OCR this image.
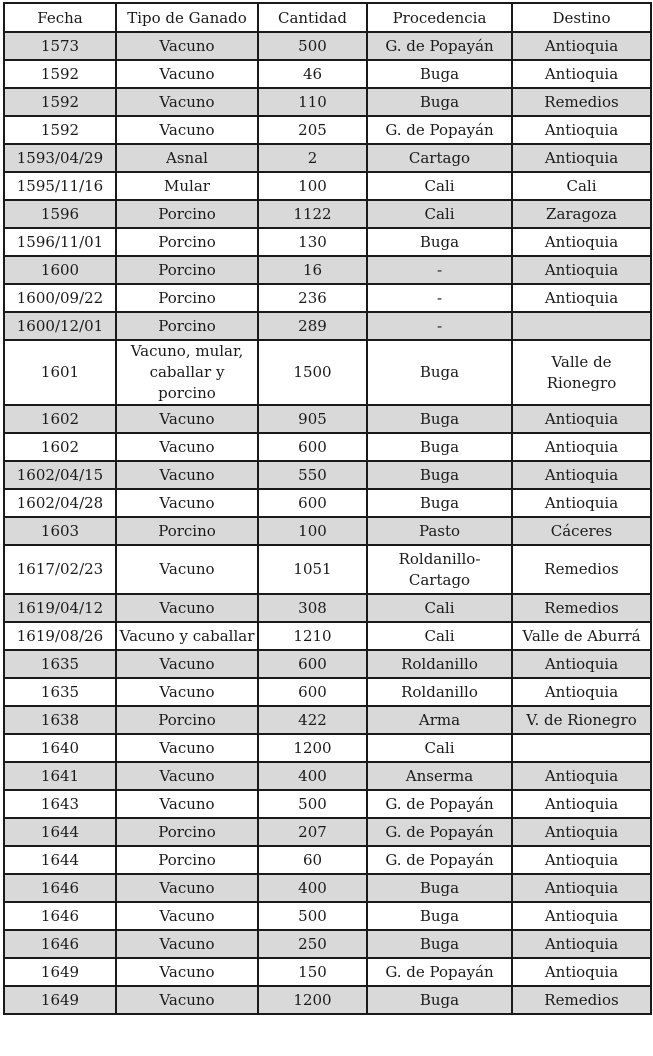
Fecha	Tipo de Ganado	Cantidad	Procedencia	Destino
1573	Vacuno	500	G. de Popayán	Antioquia
1592	Vacuno	46	Buga	Antioquia
1592	Vacuno	110	Buga	Remedios
1592	Vacuno	205	G. de Popayán	Antioquia
1593/04/29	Asnal	2	Cartago	Antioquia
1595/11/16	Mular	100	Cali	Cali
1596	Porcino	1122	Cali	Zaragoza
1596/11/01	Porcino	130	Buga	Antioquia
1600	Porcino	16	-	Antioquia
1600/09/22	Porcino	236	-	Antioquia
1600/12/01	Porcino	289	-	
1601	Vacuno, mular, caballar y porcino	1500	Buga	Valle de Rionegro
1602	Vacuno	905	Buga	Antioquia
1602	Vacuno	600	Buga	Antioquia
1602/04/15	Vacuno	550	Buga	Antioquia
1602/04/28	Vacuno	600	Buga	Antioquia
1603	Porcino	100	Pasto	Cáceres
1617/02/23	Vacuno	1051	Roldanillo-Cartago	Remedios
1619/04/12	Vacuno	308	Cali	Remedios
1619/08/26	Vacuno y caballar	1210	Cali	Valle de Aburrá
1635	Vacuno	600	Roldanillo	Antioquia
1635	Vacuno	600	Roldanillo	Antioquia
1638	Porcino	422	Arma	V. de Rionegro
1640	Vacuno	1200	Cali	
1641	Vacuno	400	Anserma	Antioquia
1643	Vacuno	500	G. de Popayán	Antioquia
1644	Porcino	207	G. de Popayán	Antioquia
1644	Porcino	60	G. de Popayán	Antioquia
1646	Vacuno	400	Buga	Antioquia
1646	Vacuno	500	Buga	Antioquia
1646	Vacuno	250	Buga	Antioquia
1649	Vacuno	150	G. de Popayán	Antioquia
1649	Vacuno	1200	Buga	Remedios
